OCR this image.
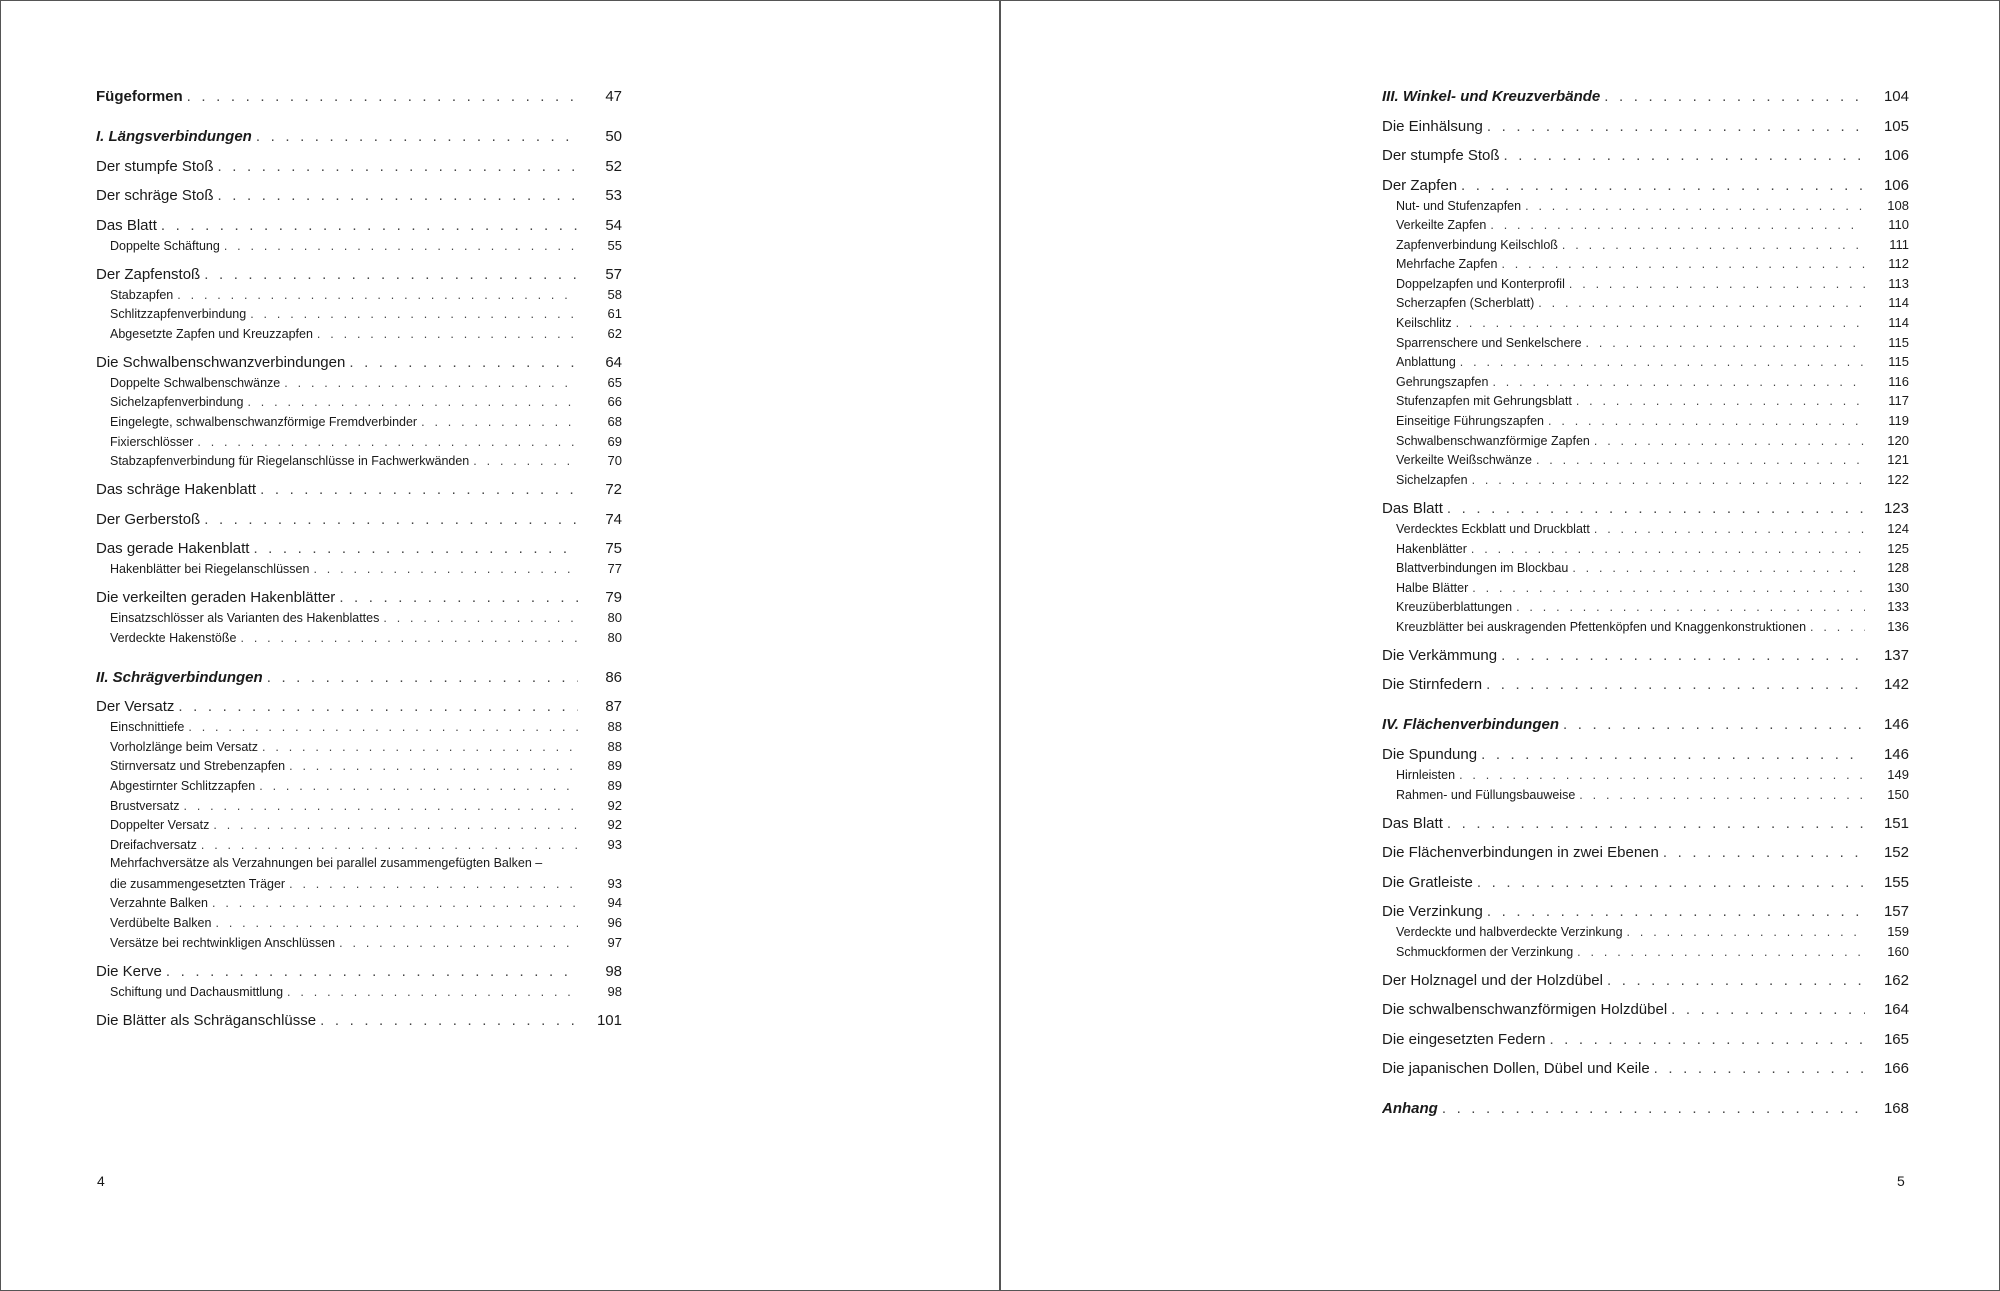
Fügeformen . . .	47
I. Längsverbindungen . . .	50
Der stumpfe Stoß . . .	52
Der schräge Stoß . . .	53
Das Blatt . . .	54
Doppelte Schäftung . . .	55
Der Zapfenstoß . . .	57
Stabzapfen . . .	58
Schlitzzapfenverbindung . . .	61
Abgesetzte Zapfen und Kreuzzapfen . . .	62
Die Schwalbenschwanzverbindungen . . .	64
Doppelte Schwalbenschwänze . . .	65
Sichelzapfenverbindung . . .	66
Eingelegte, schwalbenschwanzförmige Fremdverbinder . . .	68
Fixierschlösser . . .	69
Stabzapfenverbindung für Riegelanschlüsse in Fachwerkwänden . . .	70
Das schräge Hakenblatt . . .	72
Der Gerberstoß . . .	74
Das gerade Hakenblatt . . .	75
Hakenblätter bei Riegelanschlüssen . . .	77
Die verkeilten geraden Hakenblätter . . .	79
Einsatzschlösser als Varianten des Hakenblattes . . .	80
Verdeckte Hakenstöße . . .	80
II. Schrägverbindungen . . .	86
Der Versatz . . .	87
Einschnittiefe . . .	88
Vorholzlänge beim Versatz . . .	88
Stirnversatz und Strebenzapfen . . .	89
Abgestirnter Schlitzzapfen . . .	89
Brustversatz . . .	92
Doppelter Versatz . . .	92
Dreifachversatz . . .	93
Mehrfachversätze als Verzahnungen bei parallel zusammengefügten Balken –
die zusammengesetzten Träger . . .	93
Verzahnte Balken . . .	94
Verdübelte Balken . . .	96
Versätze bei rechtwinkligen Anschlüssen . . .	97
Die Kerve . . .	98
Schiftung und Dachausmittlung . . .	98
Die Blätter als Schräganschlüsse . . .	101
4
III. Winkel- und Kreuzverbände . . .	104
Die Einhälsung . . .	105
Der stumpfe Stoß . . .	106
Der Zapfen . . .	106
Nut- und Stufenzapfen . . .	108
Verkeilte Zapfen . . .	110
Zapfenverbindung Keilschloß . . .	111
Mehrfache Zapfen . . .	112
Doppelzapfen und Konterprofil . . .	113
Scherzapfen (Scherblatt) . . .	114
Keilschlitz . . .	114
Sparrenschere und Senkelschere . . .	115
Anblattung . . .	115
Gehrungszapfen . . .	116
Stufenzapfen mit Gehrungsblatt . . .	117
Einseitige Führungszapfen . . .	119
Schwalbenschwanzförmige Zapfen . . .	120
Verkeilte Weißschwänze . . .	121
Sichelzapfen . . .	122
Das Blatt . . .	123
Verdecktes Eckblatt und Druckblatt . . .	124
Hakenblätter . . .	125
Blattverbindungen im Blockbau . . .	128
Halbe Blätter . . .	130
Kreuzüberblattungen . . .	133
Kreuzblätter bei auskragenden Pfettenköpfen und Knaggenkonstruktionen . . .	136
Die Verkämmung . . .	137
Die Stirnfedern . . .	142
IV. Flächenverbindungen . . .	146
Die Spundung . . .	146
Hirnleisten . . .	149
Rahmen- und Füllungsbauweise . . .	150
Das Blatt . . .	151
Die Flächenverbindungen in zwei Ebenen . . .	152
Die Gratleiste . . .	155
Die Verzinkung . . .	157
Verdeckte und halbverdeckte Verzinkung . . .	159
Schmuckformen der Verzinkung . . .	160
Der Holznagel und der Holzdübel . . .	162
Die schwalbenschwanzförmigen Holzdübel . . .	164
Die eingesetzten Federn . . .	165
Die japanischen Dollen, Dübel und Keile . . .	166
Anhang . . .	168
5
